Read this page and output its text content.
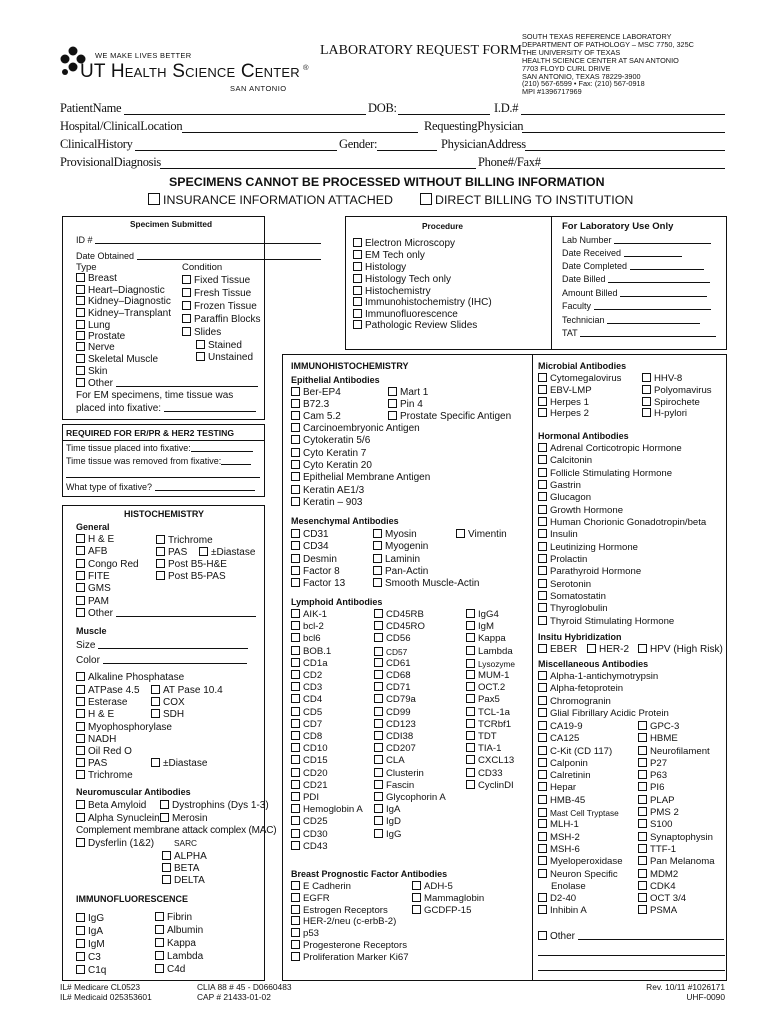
WE MAKE LIVES BETTER
UT Health Science Center ®
SAN ANTONIO
LABORATORY REQUEST FORM
SOUTH TEXAS REFERENCE LABORATORY
DEPARTMENT OF PATHOLOGY – MSC 7750, 325C
THE UNIVERSITY OF TEXAS
HEALTH SCIENCE CENTER AT SAN ANTONIO
7703 FLOYD CURL DRIVE
SAN ANTONIO, TEXAS 78229-3900
(210) 567-6599 • Fax: (210) 567-0918
MPI #1396717969
PatientName	DOB:	I.D.#
Hospital/ClinicalLocation	RequestingPhysician
ClinicalHistory	Gender:	PhysicianAddress
ProvisionalDiagnosis	Phone#/Fax#
SPECIMENS CANNOT BE PROCESSED WITHOUT BILLING INFORMATION
INSURANCE INFORMATION ATTACHED	DIRECT BILLING TO INSTITUTION
Specimen Submitted
ID #
Date Obtained
Type	Condition
Breast
Heart–Diagnostic
Kidney–Diagnostic
Kidney–Transplant
Lung
Prostate
Nerve
Skeletal Muscle
Skin
Other
Fixed Tissue
Fresh Tissue
Frozen Tissue
Paraffin Blocks
Slides
Stained
Unstained
For EM specimens, time tissue was
placed into fixative:
Procedure
Electron Microscopy
EM Tech only
Histology
Histology Tech only
Histochemistry
Immunohistochemistry (IHC)
Immunofluorescence
Pathologic Review Slides
For Laboratory Use Only
Lab Number
Date Received
Date Completed
Date Billed
Amount Billed
Faculty
Technician
TAT
REQUIRED FOR ER/PR & HER2 TESTING
Time tissue placed into fixative:
Time tissue was removed from fixative:
What type of fixative?
HISTOCHEMISTRY
General
H & E
AFB
Congo Red
FITE
GMS
PAM
Other
Trichrome
PAS	±Diastase
Post B5-H&E
Post B5-PAS
Muscle
Size
Color
Alkaline Phosphatase
ATPase 4.5
Esterase
H & E
Myophosphorylase
NADH
Oil Red O
PAS
Trichrome
AT Pase 10.4
COX
SDH
±Diastase
Neuromuscular Antibodies
Beta Amyloid
Alpha Synuclein
Complement membrane attack complex (MAC)
Dysferlin (1&2)
Dystrophins (Dys 1-3)
Merosin
SARC
ALPHA
BETA
DELTA
IMMUNOFLUORESCENCE
IgG
IgA
IgM
C3
C1q
Fibrin
Albumin
Kappa
Lambda
C4d
IMMUNOHISTOCHEMISTRY
Epithelial Antibodies
Ber-EP4
B72.3
Cam 5.2
Carcinoembryonic Antigen
Cytokeratin 5/6
Cyto Keratin 7
Cyto Keratin 20
Epithelial Membrane Antigen
Keratin AE1/3
Keratin – 903
Mart 1
Pin 4
Prostate Specific Antigen
Mesenchymal Antibodies
CD31
CD34
Desmin
Factor 8
Factor 13
Myosin
Myogenin
Laminin
Pan-Actin
Smooth Muscle-Actin
Vimentin
Lymphoid Antibodies
AIK-1
bcl-2
bcl6
BOB.1
CD1a
CD2
CD3
CD4
CD5
CD7
CD8
CD10
CD15
CD20
CD21
PDI
Hemoglobin A
CD25
CD30
CD43
CD45RB
CD45RO
CD56
CD57
CD61
CD68
CD71
CD79a
CD99
CD123
CDI38
CD207
CLA
Clusterin
Fascin
Glycophorin A
IgA
IgD
IgG
IgG4
IgM
Kappa
Lambda
Lysozyme
MUM-1
OCT.2
Pax5
TCL-1a
TCRbf1
TDT
TIA-1
CXCL13
CD33
CyclinDI
Breast Prognostic Factor Antibodies
E Cadherin
EGFR
Estrogen Receptors
HER-2/neu (c-erbB-2)
p53
Progesterone Receptors
Proliferation Marker Ki67
ADH-5
Mammaglobin
GCDFP-15
Microbial Antibodies
Cytomegalovirus
EBV-LMP
Herpes 1
Herpes 2
HHV-8
Polyomavirus
Spirochete
H-pylori
Hormonal Antibodies
Adrenal Corticotropic Hormone
Calcitonin
Follicle Stimulating Hormone
Gastrin
Glucagon
Growth Hormone
Human Chorionic Gonadotropin/beta
Insulin
Leutinizing Hormone
Prolactin
Parathyroid Hormone
Serotonin
Somatostatin
Thyroglobulin
Thyroid Stimulating Hormone
Insitu Hybridization
EBER	HER-2	HPV (High Risk)
Miscellaneous Antibodies
Alpha-1-antichymotrypsin
Alpha-fetoprotein
Chromogranin
Glial Fibrillary Acidic Protein
CA19-9
CA125
C-Kit (CD 117)
Calponin
Calretinin
Hepar
HMB-45
Mast Cell Tryptase
MLH-1
MSH-2
MSH-6
Myeloperoxidase
Neuron Specific
Enolase
D2-40
Inhibin A
GPC-3
HBME
Neurofilament
P27
P63
PI6
PLAP
PMS 2
S100
Synaptophysin
TTF-1
Pan Melanoma
MDM2
CDK4
OCT 3/4
PSMA
Other
IL# Medicare CL0523
IL# Medicaid 025353601
CLIA 88 # 45 - D0660483
CAP # 21433-01-02
Rev. 10/11 #1026171
UHF-0090
